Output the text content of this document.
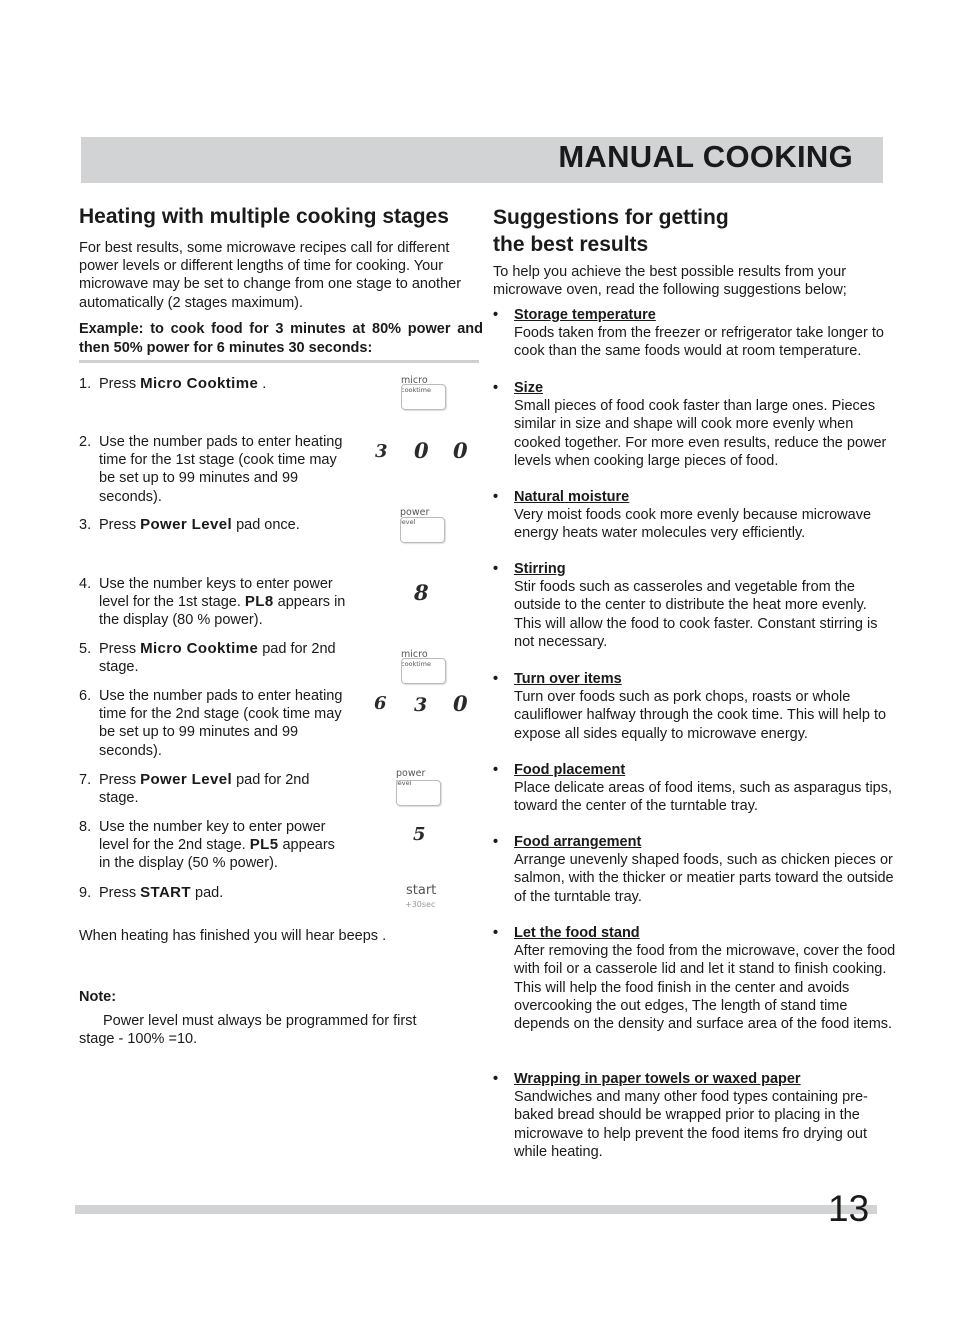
MANUAL COOKING
Heating with multiple cooking stages

For best results, some microwave recipes call for different power levels or different lengths of time for cooking. Your microwave may be set to change from one stage to another automatically (2 stages maximum).

Example: to cook food for 3 minutes at 80% power and then 50% power for 6 minutes 30 seconds:
1. Press Micro Cooktime .
2. Use the number pads to enter heating time for the 1st stage (cook time may be set up to 99 minutes and 99 seconds).
3. Press Power Level pad once.
4. Use the number keys to enter power level for the 1st stage. PL8 appears in the display (80 % power).
5. Press Micro Cooktime pad for 2nd stage.
6. Use the number pads to enter heating time for the 2nd stage (cook time may be set up to 99 minutes and 99 seconds).
7. Press Power Level pad for 2nd stage.
8. Use the number key to enter power level for the 2nd stage. PL5 appears in the display (50 % power).
9. Press START pad.
micro
cooktime
3 0 0
power
level
8
micro
cooktime
6 3 0
power
level
5
start
+30sec

When heating has finished you will hear beeps .

Note:

Power level must always be programmed for first stage - 100% =10.

Suggestions for getting
the best results

To help you achieve the best possible results from your microwave oven, read the following suggestions below;

• Storage temperature
Foods taken from the freezer or refrigerator take longer to cook than the same foods would at room temperature.
• Size
Small pieces of food cook faster than large ones. Pieces similar in size and shape will cook more evenly when cooked together. For more even results, reduce the power levels when cooking large pieces of food.
• Natural moisture
Very moist foods cook more evenly because microwave energy heats water molecules very efficiently.
• Stirring
Stir foods such as casseroles and vegetable from the outside to the center to distribute the heat more evenly. This will allow the food to cook faster. Constant stirring is not necessary.
• Turn over items
Turn over foods such as pork chops, roasts or whole cauliflower halfway through the cook time. This will help to expose all sides equally to microwave energy.
• Food placement
Place delicate areas of food items, such as asparagus tips, toward the center of the turntable tray.
• Food arrangement
Arrange unevenly shaped foods, such as chicken pieces or salmon, with the thicker or meatier parts toward the outside of the turntable tray.
• Let the food stand
After removing the food from the microwave, cover the food with foil or a casserole lid and let it stand to finish cooking. This will help the food finish in the center and avoids overcooking the out edges, The length of stand time depends on the density and surface area of the food items.
• Wrapping in paper towels or waxed paper
Sandwiches and many other food types containing pre-baked bread should be wrapped prior to placing in the microwave to help prevent the food items fro drying out while heating.
13
